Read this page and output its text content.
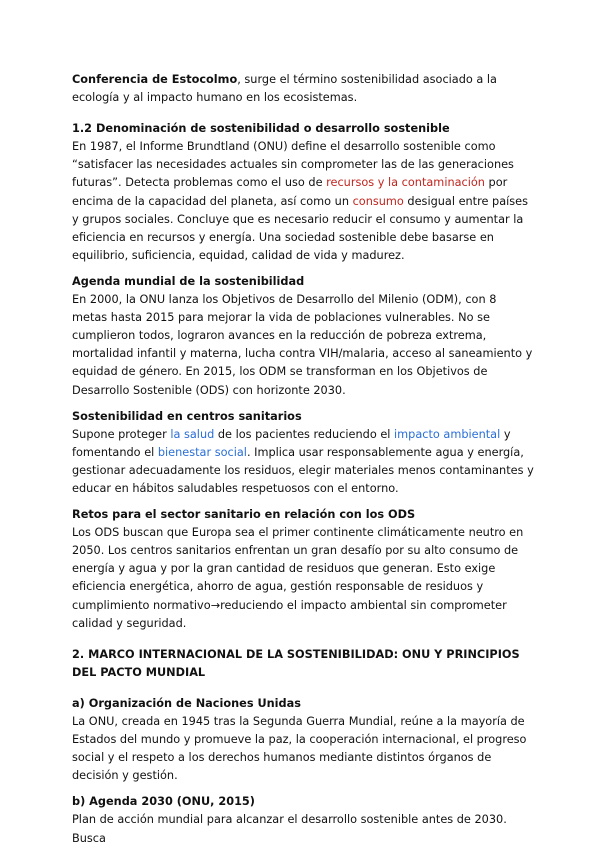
Conferencia de Estocolmo, surge el término sostenibilidad asociado a la ecología y al impacto humano en los ecosistemas.

1.2 Denominación de sostenibilidad o desarrollo sostenible

En 1987, el Informe Brundtland (ONU) define el desarrollo sostenible como “satisfacer las necesidades actuales sin comprometer las de las generaciones futuras”. Detecta problemas como el uso de recursos y la contaminación por encima de la capacidad del planeta, así como un consumo desigual entre países y grupos sociales. Concluye que es necesario reducir el consumo y aumentar la eficiencia en recursos y energía. Una sociedad sostenible debe basarse en equilibrio, suficiencia, equidad, calidad de vida y madurez.

Agenda mundial de la sostenibilidad

En 2000, la ONU lanza los Objetivos de Desarrollo del Milenio (ODM), con 8 metas hasta 2015 para mejorar la vida de poblaciones vulnerables. No se cumplieron todos, lograron avances en la reducción de pobreza extrema, mortalidad infantil y materna, lucha contra VIH/malaria, acceso al saneamiento y equidad de género. En 2015, los ODM se transforman en los Objetivos de Desarrollo Sostenible (ODS) con horizonte 2030.

Sostenibilidad en centros sanitarios

Supone proteger la salud de los pacientes reduciendo el impacto ambiental y fomentando el bienestar social. Implica usar responsablemente agua y energía, gestionar adecuadamente los residuos, elegir materiales menos contaminantes y educar en hábitos saludables respetuosos con el entorno.

Retos para el sector sanitario en relación con los ODS

Los ODS buscan que Europa sea el primer continente climáticamente neutro en 2050. Los centros sanitarios enfrentan un gran desafío por su alto consumo de energía y agua y por la gran cantidad de residuos que generan. Esto exige eficiencia energética, ahorro de agua, gestión responsable de residuos y cumplimiento normativo→reduciendo el impacto ambiental sin comprometer calidad y seguridad.

2. MARCO INTERNACIONAL DE LA SOSTENIBILIDAD: ONU Y PRINCIPIOS DEL PACTO MUNDIAL

a) Organización de Naciones Unidas

La ONU, creada en 1945 tras la Segunda Guerra Mundial, reúne a la mayoría de Estados del mundo y promueve la paz, la cooperación internacional, el progreso social y el respeto a los derechos humanos mediante distintos órganos de decisión y gestión.

b) Agenda 2030 (ONU, 2015)

Plan de acción mundial para alcanzar el desarrollo sostenible antes de 2030. Busca
